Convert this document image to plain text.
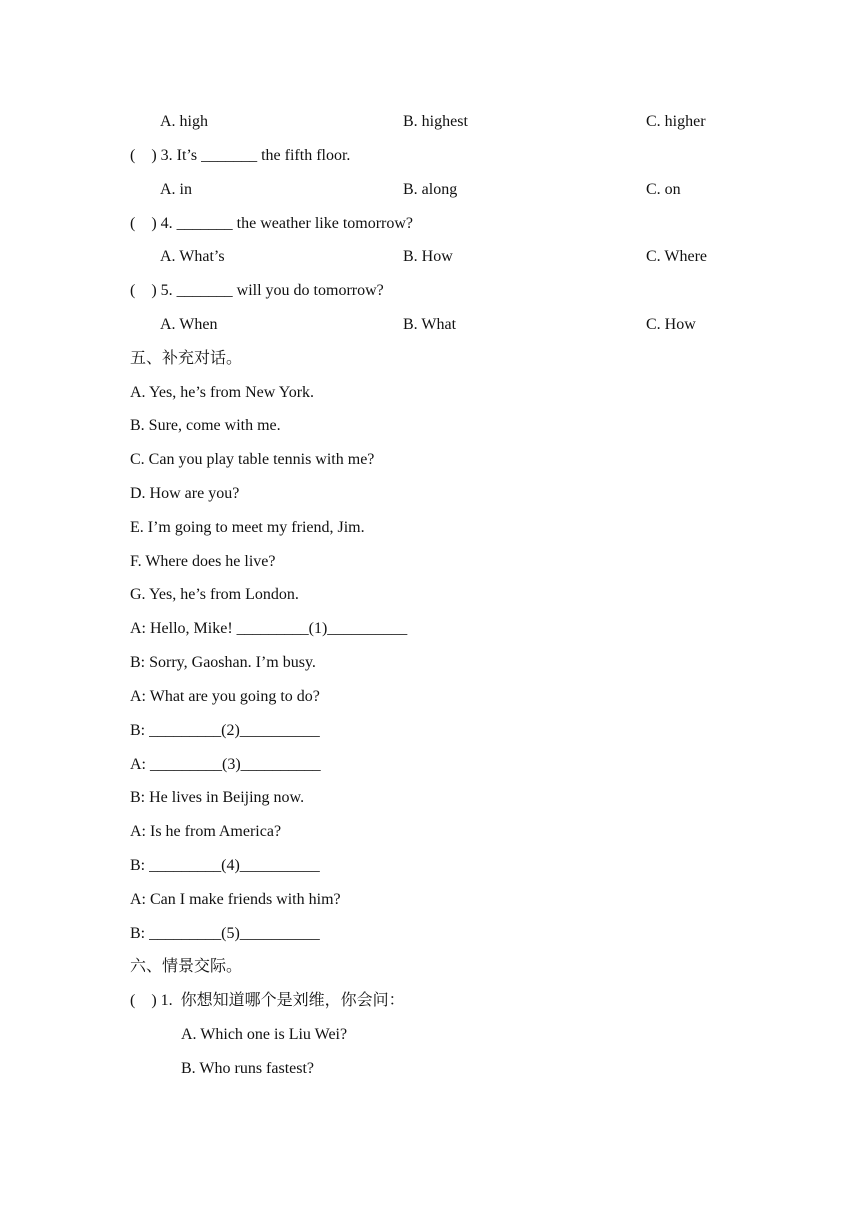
A. high	B. highest	C. higher
(    ) 3. It’s _______ the fifth floor.
A. in	B. along	C. on
(    ) 4. _______ the weather like tomorrow?
A. What’s	B. How	C. Where
(    ) 5. _______ will you do tomorrow?
A. When	B. What	C. How
五、补充对话。
A. Yes, he’s from New York.
B. Sure, come with me.
C. Can you play table tennis with me?
D. How are you?
E. I’m going to meet my friend, Jim.
F. Where does he live?
G. Yes, he’s from London.
A: Hello, Mike! _________(1)__________
B: Sorry, Gaoshan. I’m busy.
A: What are you going to do?
B: _________(2)__________
A: _________(3)__________
B: He lives in Beijing now.
A: Is he from America?
B: _________(4)__________
A: Can I make friends with him?
B: _________(5)__________
六、情景交际。
(    ) 1.  你想知道哪个是刘维，你会问：
A. Which one is Liu Wei?
B. Who runs fastest?
